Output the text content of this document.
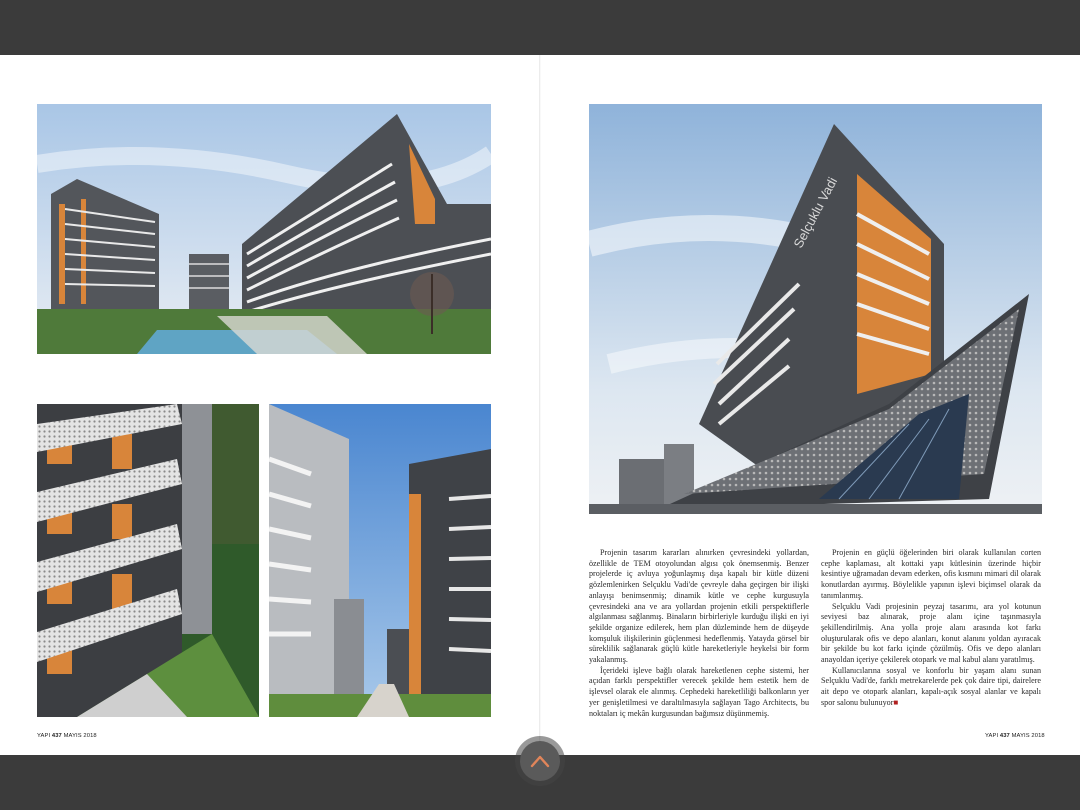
Selçuklu Vadi

Projenin tasarım kararları alınırken çevresindeki yollardan, özellikle de TEM otoyolundan algısı çok önemsenmiş. Benzer projelerde iç avluya yoğunlaşmış dışa kapalı bir kütle düzeni gözlemlenirken Selçuklu Vadi'de çevreyle daha geçirgen bir ilişki anlayışı benimsenmiş; dinamik kütle ve cephe kurgusuyla çevresindeki ana ve ara yollardan projenin etkili perspektiflerle algılanması sağlanmış. Binaların birbirleriyle kurduğu ilişki en iyi şekilde organize edilerek, hem plan düzleminde hem de düşeyde komşuluk ilişkilerinin güçlenmesi hedeflenmiş. Yatayda görsel bir süreklilik sağlanarak güçlü kütle hareketleriyle heykelsi bir form yakalanmış.

İçerideki işleve bağlı olarak hareketlenen cephe sistemi, her açıdan farklı perspektifler verecek şekilde hem estetik hem de işlevsel olarak ele alınmış. Cephedeki hareketliliği balkonların yer yer genişletilmesi ve daraltılmasıyla sağlayan Tago Architects, bu noktaları iç mekân kurgusundan bağımsız düşünmemiş.

Projenin en güçlü öğelerinden biri olarak kullanılan corten cephe kaplaması, alt kottaki yapı kütlesinin üzerinde hiçbir kesintiye uğramadan devam ederken, ofis kısmını mimari dil olarak konutlardan ayırmış. Böylelikle yapının işlevi biçimsel olarak da tanımlanmış.

Selçuklu Vadi projesinin peyzaj tasarımı, ara yol kotunun seviyesi baz alınarak, proje alanı içine taşınmasıyla şekillendirilmiş. Ana yolla proje alanı arasında kot farkı oluşturularak ofis ve depo alanları, konut alanını yoldan ayıracak bir şekilde bu kot farkı içinde çözülmüş. Ofis ve depo alanları anayoldan içeriye çekilerek otopark ve mal kabul alanı yaratılmış.

Kullanıcılarına sosyal ve konforlu bir yaşam alanı sunan Selçuklu Vadi'de, farklı metrekarelerde pek çok daire tipi, dairelere ait depo ve otopark alanları, kapalı-açık sosyal alanlar ve kapalı spor salonu bulunuyor■

YAPI 437 MAYIS 2018	YAPI 437 MAYIS 2018
